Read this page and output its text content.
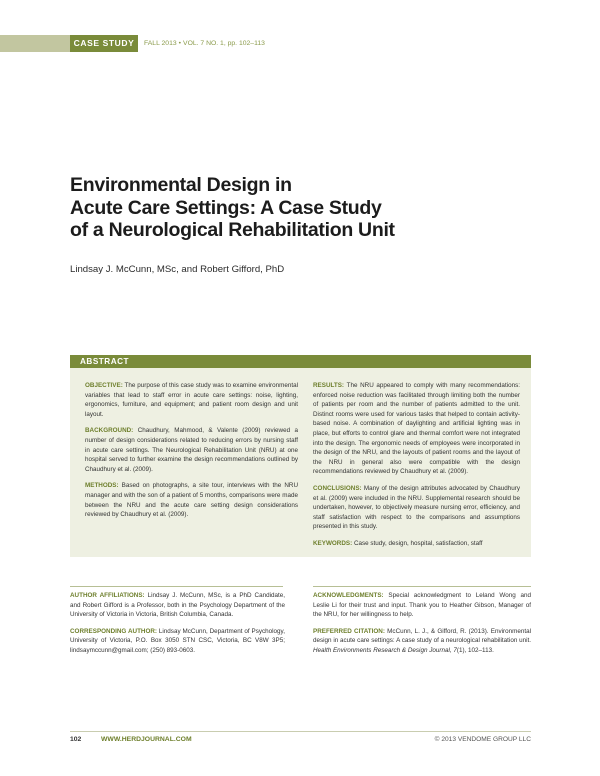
CASE STUDY	FALL 2013 • VOL. 7 NO. 1, pp. 102–113
Environmental Design in
Acute Care Settings: A Case Study
of a Neurological Rehabilitation Unit
Lindsay J. McCunn, MSc, and Robert Gifford, PhD
ABSTRACT

OBJECTIVE: The purpose of this case study was to examine environmental variables that lead to staff error in acute care settings: noise, lighting, ergonomics, furniture, and equipment; and patient room design and unit layout.

BACKGROUND: Chaudhury, Mahmood, & Valente (2009) reviewed a number of design considerations related to reducing errors by nursing staff in acute care settings. The Neurological Rehabilitation Unit (NRU) at one hospital served to further examine the design recommendations outlined by Chaudhury et al. (2009).

METHODS: Based on photographs, a site tour, interviews with the NRU manager and with the son of a patient of 5 months, comparisons were made between the NRU and the acute care setting design considerations reviewed by Chaudhury et al. (2009).

RESULTS: The NRU appeared to comply with many recommendations: enforced noise reduction was facilitated through limiting both the number of patients per room and the number of patients admitted to the unit. Distinct rooms were used for various tasks that helped to contain activity-based noise. A combination of daylighting and artificial lighting was in place, but efforts to control glare and thermal comfort were not integrated into the design. The ergonomic needs of employees were incorporated in the design of the NRU, and the layouts of patient rooms and the layout of the NRU in general also were compatible with the design recommendations reviewed by Chaudhury et al. (2009).

CONCLUSIONS: Many of the design attributes advocated by Chaudhury et al. (2009) were included in the NRU. Supplemental research should be undertaken, however, to objectively measure nursing error, efficiency, and staff satisfaction with respect to the comparisons and assumptions presented in this study.

KEYWORDS: Case study, design, hospital, satisfaction, staff

AUTHOR AFFILIATIONS: Lindsay J. McCunn, MSc, is a PhD Candidate, and Robert Gifford is a Professor, both in the Psychology Department of the University of Victoria in Victoria, British Columbia, Canada.

CORRESPONDING AUTHOR: Lindsay McCunn, Department of Psychology, University of Victoria, P.O. Box 3050 STN CSC, Victoria, BC V8W 3P5; lindsaymccunn@gmail.com; (250) 893-0603.

ACKNOWLEDGMENTS: Special acknowledgment to Leland Wong and Leslie Li for their trust and input. Thank you to Heather Gibson, Manager of the NRU, for her willingness to help.

PREFERRED CITATION: McCunn, L. J., & Gifford, R. (2013). Environmental design in acute care settings: A case study of a neurological rehabilitation unit. Health Environments Research & Design Journal, 7(1), 102–113.

102	WWW.HERDJOURNAL.COM	© 2013 VENDOME GROUP LLC
